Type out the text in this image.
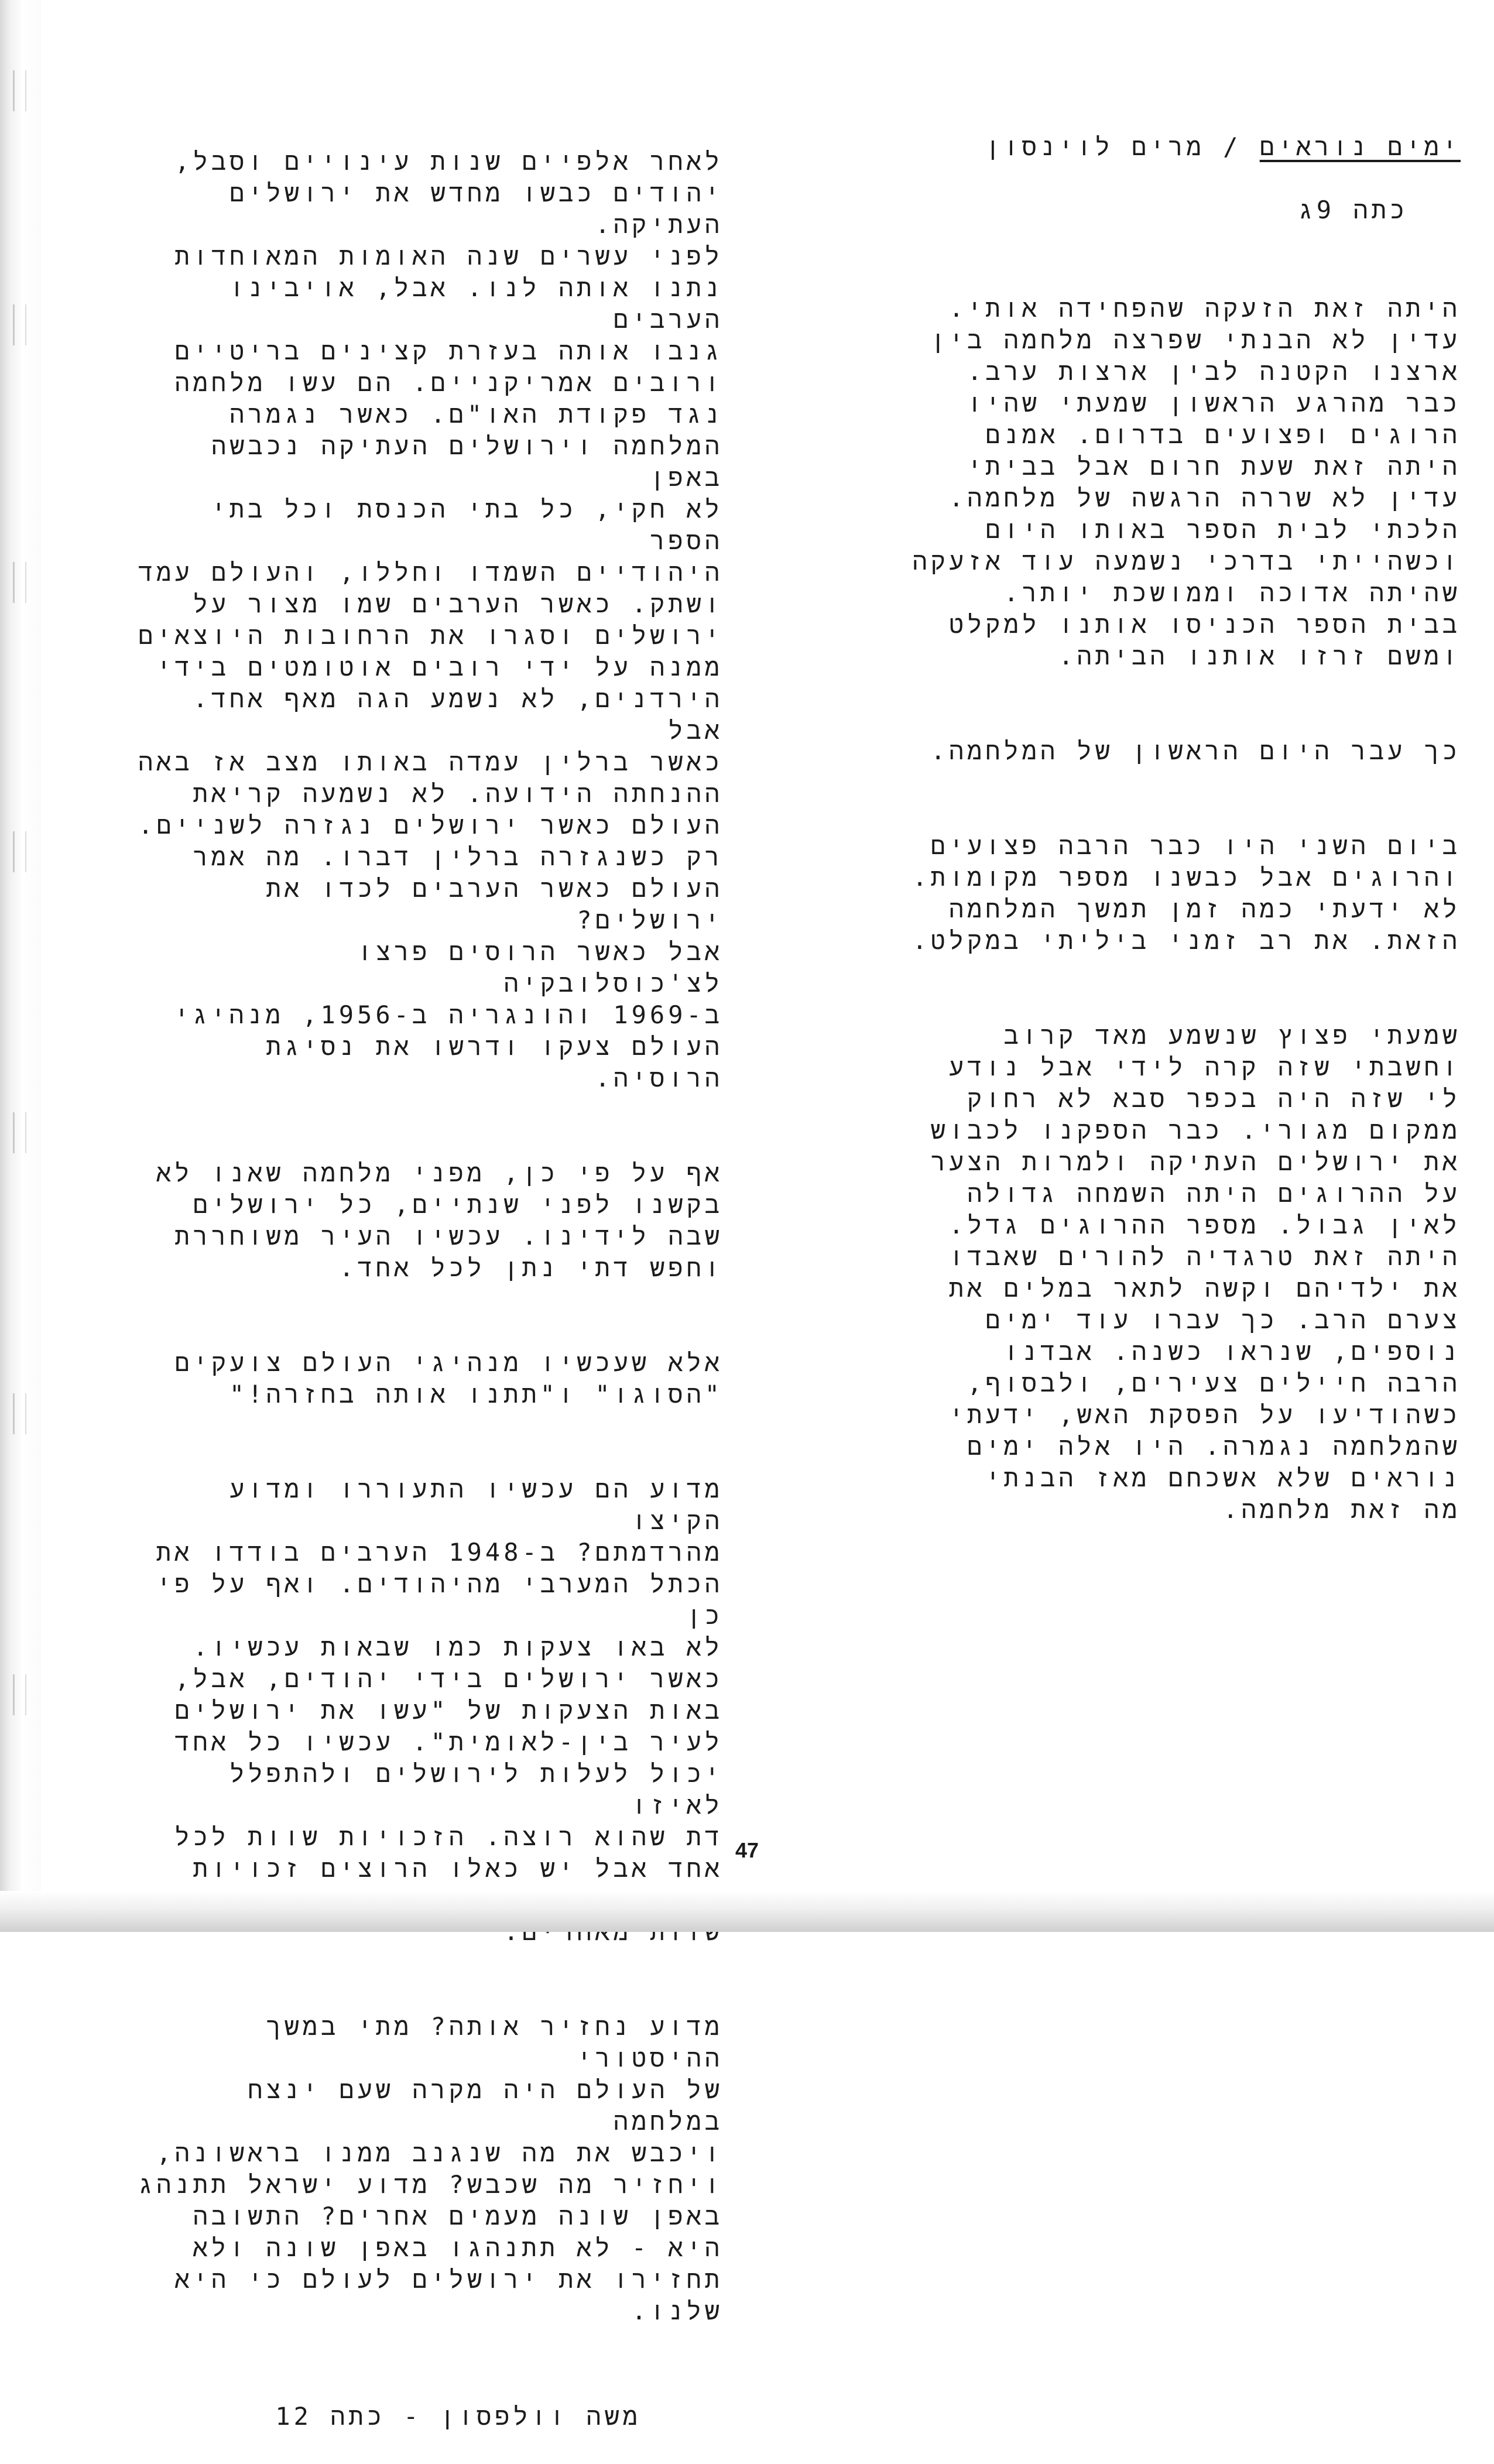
ימים נוראים / מרים לוינסון

כתה 9ג

היתה זאת הזעקה שהפחידה אותי.
עדין לא הבנתי שפרצה מלחמה בין
ארצנו הקטנה לבין ארצות ערב.
כבר מהרגע הראשון שמעתי שהיו
הרוגים ופצועים בדרום. אמנם
היתה זאת שעת חרום אבל בביתי
עדין לא שררה הרגשה של מלחמה.
הלכתי לבית הספר באותו היום
וכשהייתי בדרכי נשמעה עוד אזעקה
שהיתה אדוכה וממושכת יותר.
בבית הספר הכניסו אותנו למקלט
ומשם זרזו אותנו הביתה.

כך עבר היום הראשון של המלחמה.

ביום השני היו כבר הרבה פצועים
והרוגים אבל כבשנו מספר מקומות.
לא ידעתי כמה זמן תמשך המלחמה
הזאת. את רב זמני ביליתי במקלט.

שמעתי פצוץ שנשמע מאד קרוב
וחשבתי שזה קרה לידי אבל נודע
לי שזה היה בכפר סבא לא רחוק
ממקום מגורי. כבר הספקנו לכבוש
את ירושלים העתיקה ולמרות הצער
על ההרוגים היתה השמחה גדולה
לאין גבול. מספר ההרוגים גדל.
היתה זאת טרגדיה להורים שאבדו
את ילדיהם וקשה לתאר במלים את
צערם הרב. כך עברו עוד ימים
נוספים, שנראו כשנה. אבדנו
הרבה חיילים צעירים, ולבסוף,
כשהודיעו על הפסקת האש, ידעתי
שהמלחמה נגמרה. היו אלה ימים
נוראים שלא אשכחם מאז הבנתי
מה זאת מלחמה.

לאחר אלפיים שנות עינויים וסבל,
יהודים כבשו מחדש את ירושלים העתיקה.
לפני עשרים שנה האומות המאוחדות
נתנו אותה לנו. אבל, אויבינו הערבים
גנבו אותה בעזרת קצינים בריטיים
ורובים אמריקניים. הם עשו מלחמה
נגד פקודת האו"ם. כאשר נגמרה
המלחמה וירושלים העתיקה נכבשה באפן
לא חקי, כל בתי הכנסת וכל בתי הספר
היהודיים השמדו וחללו, והעולם עמד
ושתק. כאשר הערבים שמו מצור על
ירושלים וסגרו את הרחובות היוצאים
ממנה על ידי רובים אוטומטים בידי
הירדנים, לא נשמע הגה מאף אחד. אבל
כאשר ברלין עמדה באותו מצב אז באה
ההנחתה הידועה. לא נשמעה קריאת
העולם כאשר ירושלים נגזרה לשניים.
רק כשנגזרה ברלין דברו. מה אמר
העולם כאשר הערבים לכדו את ירושלים?
אבל כאשר הרוסים פרצו לצ'כוסלובקיה
ב-1969 והונגריה ב-1956, מנהיגי
העולם צעקו ודרשו את נסיגת הרוסיה.

אף על פי כן, מפני מלחמה שאנו לא
בקשנו לפני שנתיים, כל ירושלים
שבה לידינו. עכשיו העיר משוחררת
וחפש דתי נתן לכל אחד.

אלא שעכשיו מנהיגי העולם צועקים
"הסוגו" ו"תתנו אותה בחזרה!"

מדוע הם עכשיו התעוררו ומדוע הקיצו
מהרדמתם? ב-1948 הערבים בודדו את
הכתל המערבי מהיהודים. ואף על פי כן
לא באו צעקות כמו שבאות עכשיו.
כאשר ירושלים בידי יהודים, אבל,
באות הצעקות של "עשו את ירושלים
לעיר בין-לאומית". עכשיו כל אחד
יכול לעלות לירושלים ולהתפלל לאיזו
דת שהוא רוצה. הזכויות שוות לכל
אחד אבל יש כאלו הרוצים זכויות

מדוע נחזיר אותה? מתי במשך ההיסטורי
של העולם היה מקרה שעם ינצח במלחמה
ויכבש את מה שנגנב ממנו בראשונה,
ויחזיר מה שכבש? מדוע ישראל תתנהג
באפן שונה מעמים אחרים? התשובה
היא - לא תתנהגו באפן שונה ולא
תחזירו את ירושלים לעולם כי היא
שלנו.

משה וולפסון - כתה 12

47
